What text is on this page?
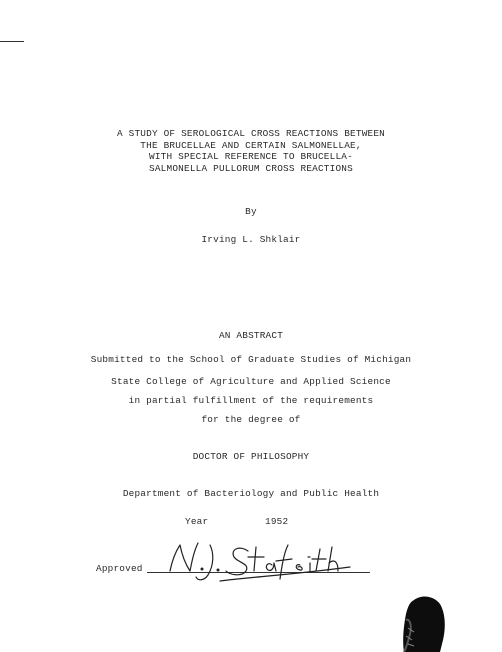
A STUDY OF SEROLOGICAL CROSS REACTIONS BETWEEN
THE BRUCELLAE AND CERTAIN SALMONELLAE,
WITH SPECIAL REFERENCE TO BRUCELLA-
SALMONELLA PULLORUM CROSS REACTIONS
By
Irving L. Shklair
AN ABSTRACT
Submitted to the School of Graduate Studies of Michigan
State College of Agriculture and Applied Science
in partial fulfillment of the requirements
for the degree of
DOCTOR OF PHILOSOPHY
Department of Bacteriology and Public Health
Year	1952
Approved
